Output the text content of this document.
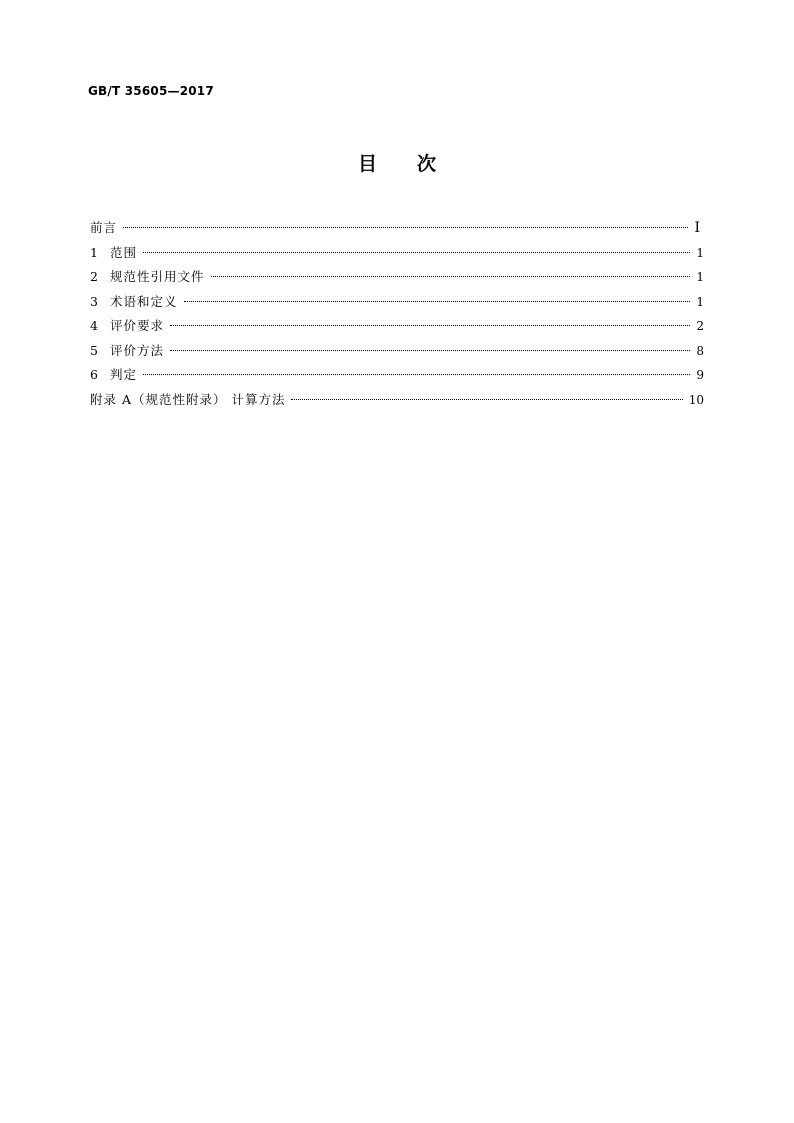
GB/T 35605—2017
目 次
前言	I
1 范围	1
2 规范性引用文件	1
3 术语和定义	1
4 评价要求	2
5 评价方法	8
6 判定	9
附录 A（规范性附录） 计算方法	10
